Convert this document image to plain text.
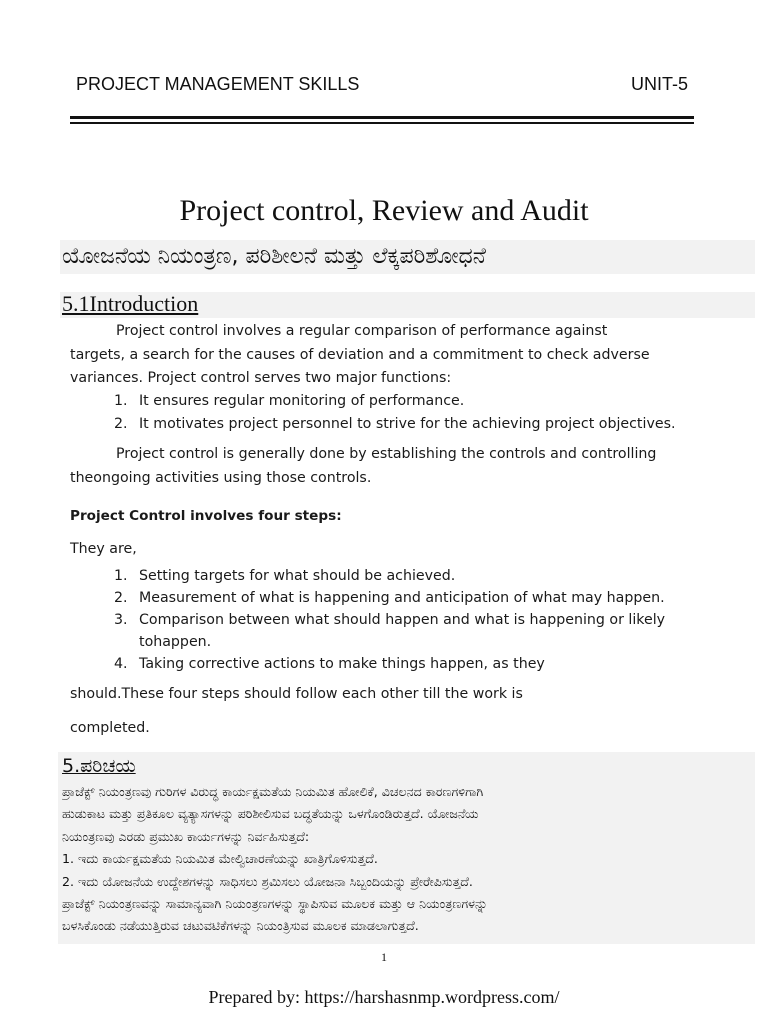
PROJECT MANAGEMENT SKILLS	UNIT-5
Project control, Review and Audit
ಯೋಜನೆಯ ನಿಯಂತ್ರಣ, ಪರಿಶೀಲನೆ ಮತ್ತು ಲೆಕ್ಕಪರಿಶೋಧನೆ
5.1Introduction
Project control involves a regular comparison of performance against
targets, a search for the causes of deviation and a commitment to check adverse
variances. Project control serves two major functions:
1. It ensures regular monitoring of performance.
2. It motivates project personnel to strive for the achieving project objectives.
Project control is generally done by establishing the controls and controlling
theongoing activities using those controls.
Project Control involves four steps:
They are,
1. Setting targets for what should be achieved.
2. Measurement of what is happening and anticipation of what may happen.
3. Comparison between what should happen and what is happening or likely
tohappen.
4. Taking corrective actions to make things happen, as they
should.These four steps should follow each other till the work is
completed.
5.ಪರಿಚಯ
ಪ್ರಾಜೆಕ್ಟ್ ನಿಯಂತ್ರಣವು ಗುರಿಗಳ ವಿರುದ್ಧ ಕಾರ್ಯಕ್ಷಮತೆಯ ನಿಯಮಿತ ಹೋಲಿಕೆ, ವಿಚಲನದ ಕಾರಣಗಳಿಗಾಗಿ
ಹುಡುಕಾಟ ಮತ್ತು ಪ್ರತಿಕೂಲ ವ್ಯತ್ಯಾಸಗಳನ್ನು ಪರಿಶೀಲಿಸುವ ಬದ್ಧತೆಯನ್ನು ಒಳಗೊಂಡಿರುತ್ತದೆ. ಯೋಜನೆಯ
ನಿಯಂತ್ರಣವು ಎರಡು ಪ್ರಮುಖ ಕಾರ್ಯಗಳನ್ನು ನಿರ್ವಹಿಸುತ್ತದೆ:
1. ಇದು ಕಾರ್ಯಕ್ಷಮತೆಯ ನಿಯಮಿತ ಮೇಲ್ವಿಚಾರಣೆಯನ್ನು ಖಾತ್ರಿಗೊಳಿಸುತ್ತದೆ.
2. ಇದು ಯೋಜನೆಯ ಉದ್ದೇಶಗಳನ್ನು ಸಾಧಿಸಲು ಶ್ರಮಿಸಲು ಯೋಜನಾ ಸಿಬ್ಬಂದಿಯನ್ನು ಪ್ರೇರೇಪಿಸುತ್ತದೆ.
ಪ್ರಾಜೆಕ್ಟ್ ನಿಯಂತ್ರಣವನ್ನು ಸಾಮಾನ್ಯವಾಗಿ ನಿಯಂತ್ರಣಗಳನ್ನು ಸ್ಥಾಪಿಸುವ ಮೂಲಕ ಮತ್ತು ಆ ನಿಯಂತ್ರಣಗಳನ್ನು
ಬಳಸಿಕೊಂಡು ನಡೆಯುತ್ತಿರುವ ಚಟುವಟಿಕೆಗಳನ್ನು ನಿಯಂತ್ರಿಸುವ ಮೂಲಕ ಮಾಡಲಾಗುತ್ತದೆ.
1
Prepared by: https://harshasnmp.wordpress.com/
